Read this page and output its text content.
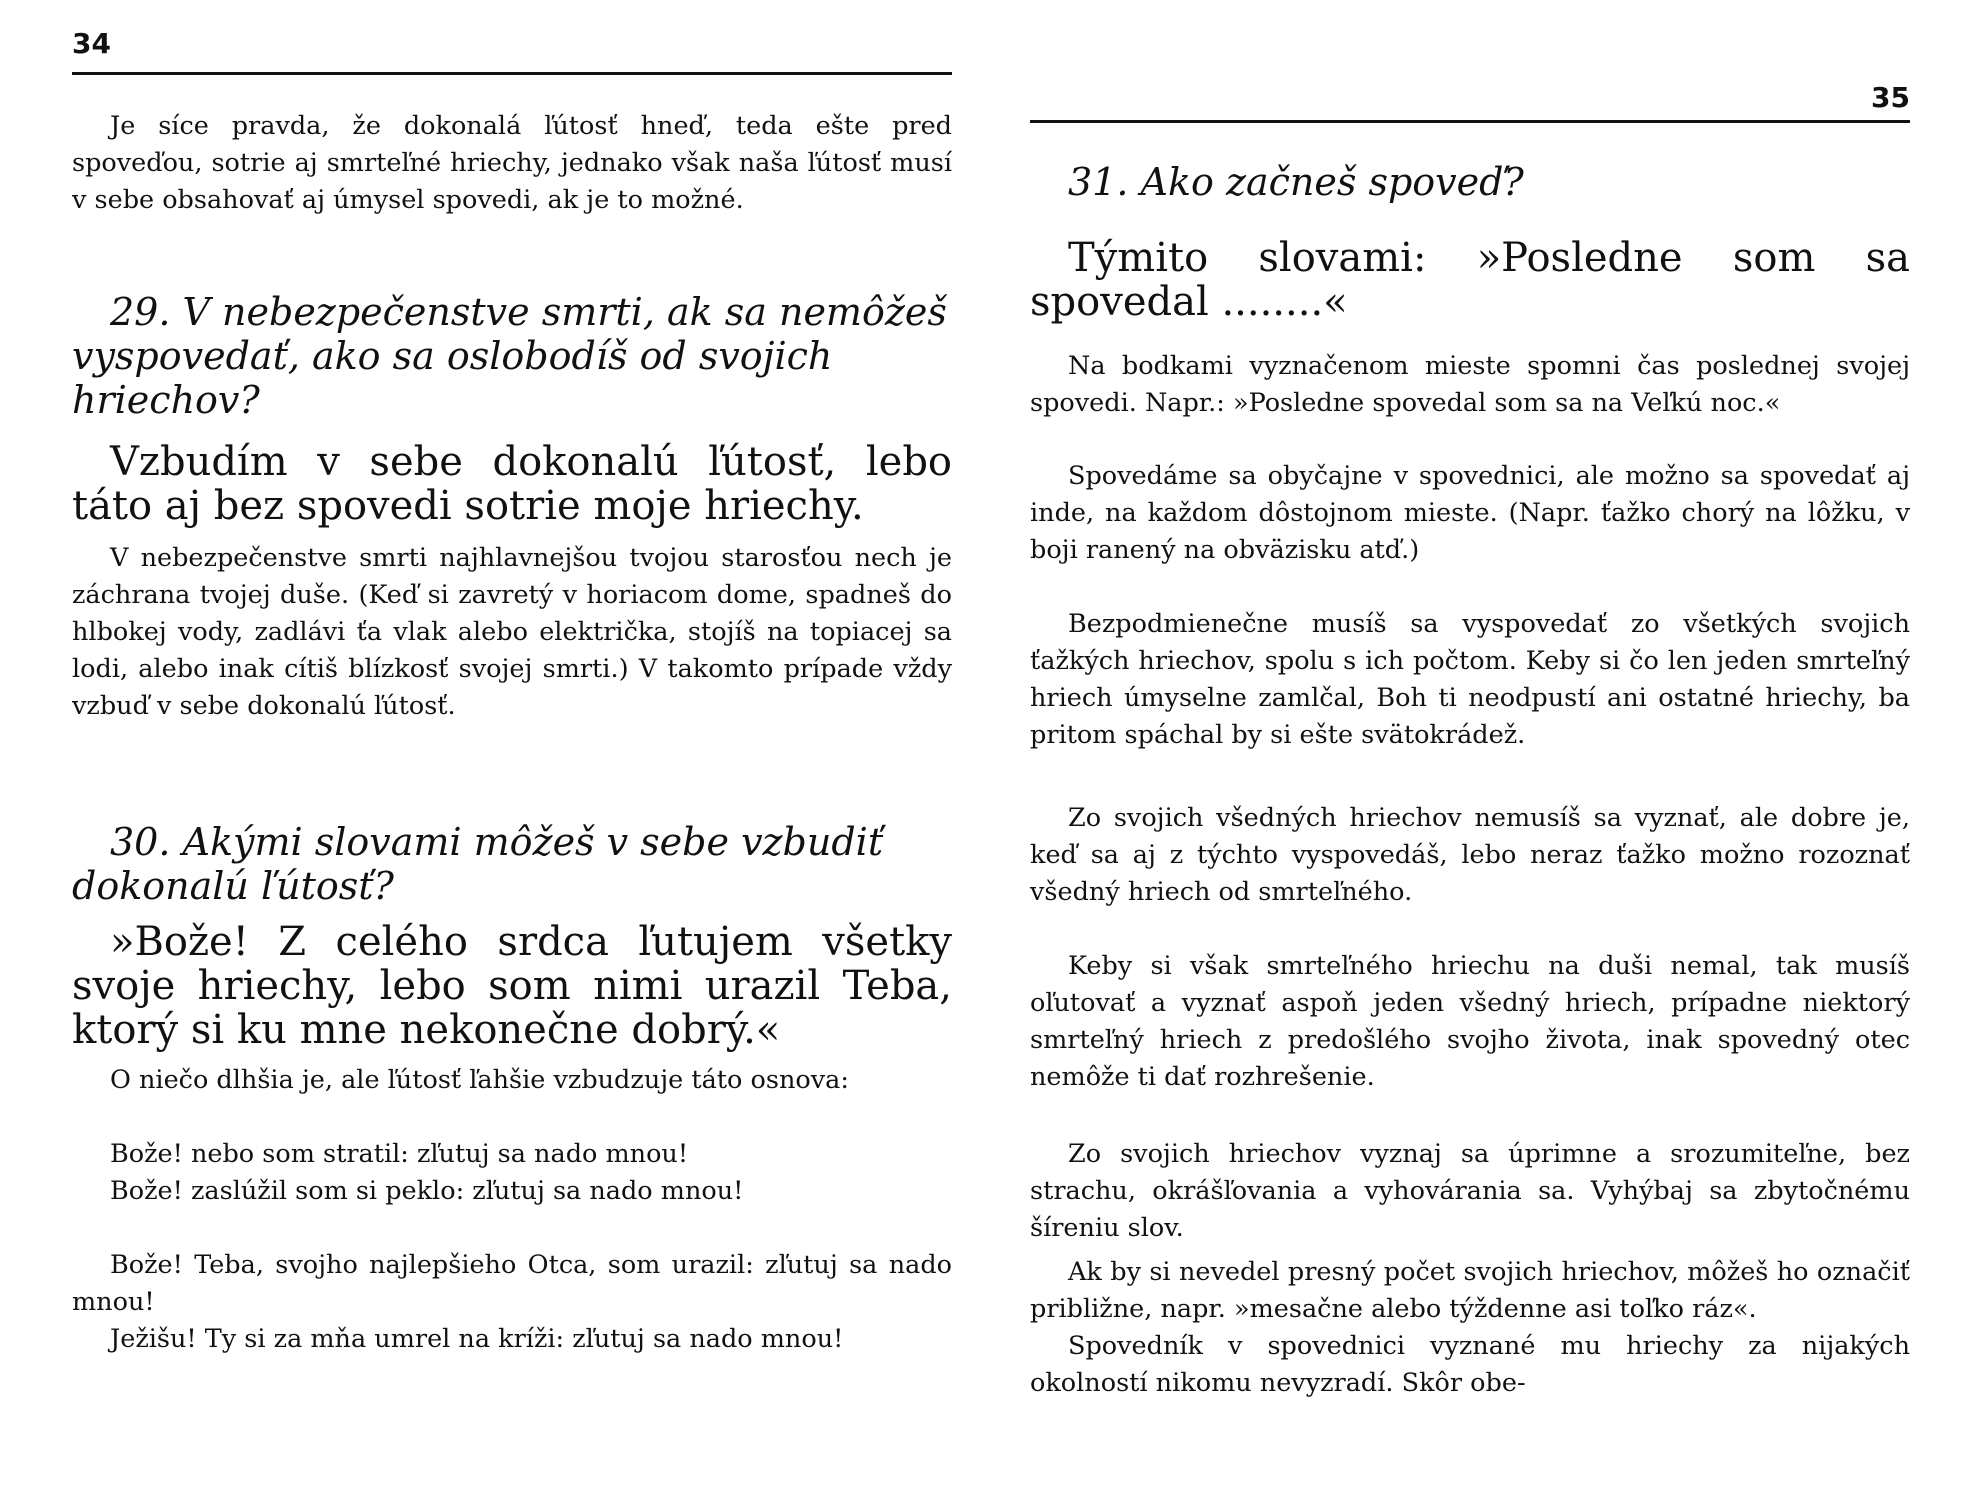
34

Je síce pravda, že dokonalá ľútosť hneď, teda ešte pred spoveďou, sotrie aj smrteľné hriechy, jednako však naša ľútosť musí v sebe obsahovať aj úmysel spovedi, ak je to možné.

29. V nebezpečenstve smrti, ak sa nemôžeš vyspovedať, ako sa oslobodíš od svojich hriechov?

Vzbudím v sebe dokonalú ľútosť, lebo táto aj bez spovedi sotrie moje hriechy.

V nebezpečenstve smrti najhlavnejšou tvojou starosťou nech je záchrana tvojej duše. (Keď si zavretý v horiacom dome, spadneš do hlbokej vody, zadlávi ťa vlak alebo električka, stojíš na topiacej sa lodi, alebo inak cítiš blízkosť svojej smrti.) V takomto prípade vždy vzbuď v sebe dokonalú ľútosť.

30. Akými slovami môžeš v sebe vzbudiť dokonalú ľútosť?

»Bože! Z celého srdca ľutujem všetky svoje hriechy, lebo som nimi urazil Teba, ktorý si ku mne nekonečne dobrý.«

O niečo dlhšia je, ale ľútosť ľahšie vzbudzuje táto osnova:

Bože! nebo som stratil: zľutuj sa nado mnou!

Bože! zaslúžil som si peklo: zľutuj sa nado mnou!

Bože! Teba, svojho najlepšieho Otca, som urazil: zľutuj sa nado mnou!

Ježišu! Ty si za mňa umrel na kríži: zľutuj sa nado mnou!

35

31. Ako začneš spoveď?

Týmito slovami: »Posledne som sa spovedal ........«

Na bodkami vyznačenom mieste spomni čas poslednej svojej spovedi. Napr.: »Posledne spovedal som sa na Veľkú noc.«

Spovedáme sa obyčajne v spovednici, ale možno sa spovedať aj inde, na každom dôstojnom mieste. (Napr. ťažko chorý na lôžku, v boji ranený na obväzisku atď.)

Bezpodmienečne musíš sa vyspovedať zo všetkých svojich ťažkých hriechov, spolu s ich počtom. Keby si čo len jeden smrteľný hriech úmyselne zamlčal, Boh ti neodpustí ani ostatné hriechy, ba pritom spáchal by si ešte svätokrádež.

Zo svojich všedných hriechov nemusíš sa vyznať, ale dobre je, keď sa aj z týchto vyspovedáš, lebo neraz ťažko možno rozoznať všedný hriech od smrteľného.

Keby si však smrteľného hriechu na duši nemal, tak musíš oľutovať a vyznať aspoň jeden všedný hriech, prípadne niektorý smrteľný hriech z predošlého svojho života, inak spovedný otec nemôže ti dať rozhrešenie.

Zo svojich hriechov vyznaj sa úprimne a srozumiteľne, bez strachu, okrášľovania a vyhovárania sa. Vyhýbaj sa zbytočnému šíreniu slov.

Ak by si nevedel presný počet svojich hriechov, môžeš ho označiť približne, napr. »mesačne alebo týždenne asi toľko ráz«.

Spovedník v spovednici vyznané mu hriechy za nijakých okolností nikomu nevyzradí. Skôr obe-
